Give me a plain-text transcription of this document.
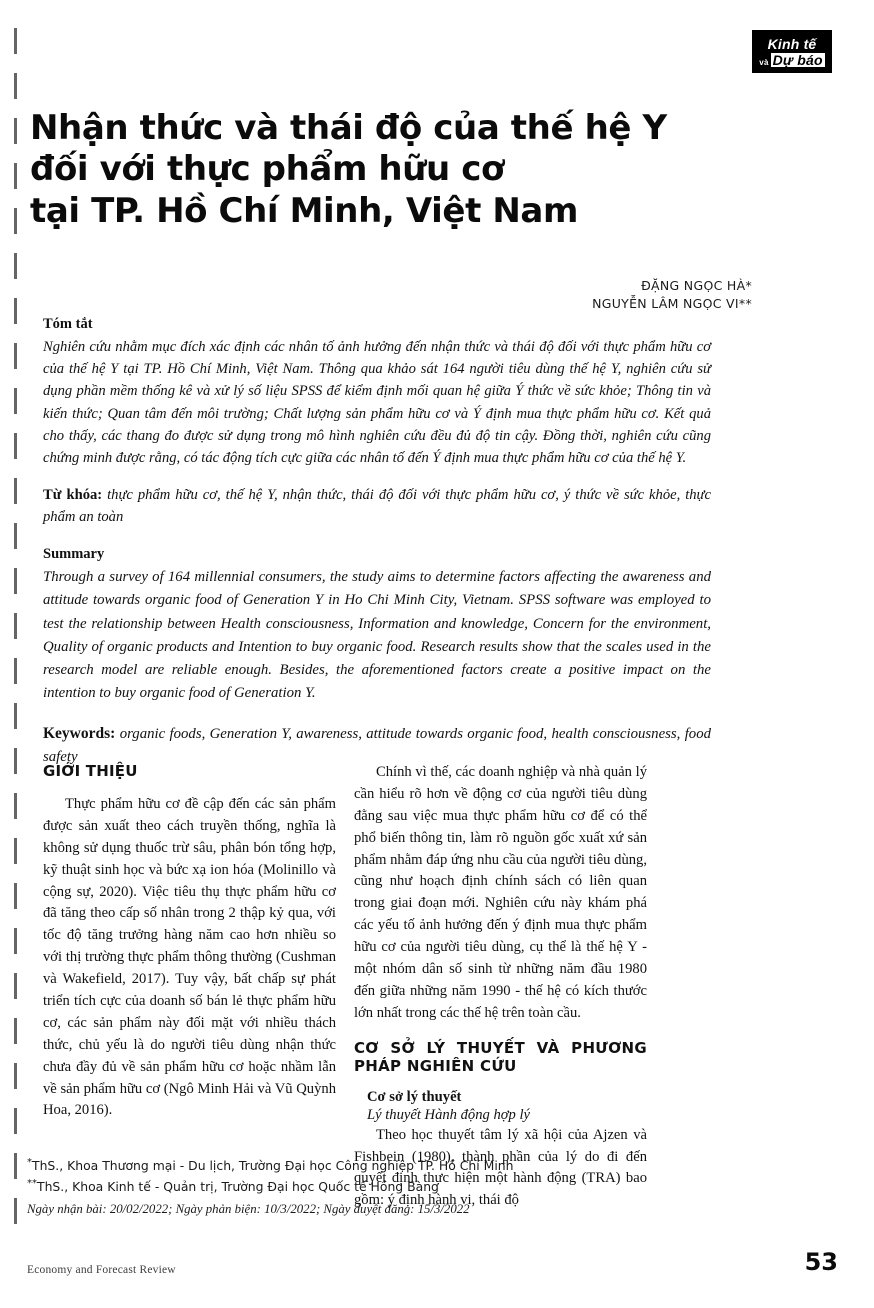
Kinh tế
và Dự báo
Nhận thức và thái độ của thế hệ Y
đối với thực phẩm hữu cơ
tại TP. Hồ Chí Minh, Việt Nam
ĐẶNG NGỌC HÀ*
NGUYỄN LÂM NGỌC VI**
Tóm tắt
Nghiên cứu nhằm mục đích xác định các nhân tố ảnh hưởng đến nhận thức và thái độ đối với thực phẩm hữu cơ của thế hệ Y tại TP. Hồ Chí Minh, Việt Nam. Thông qua khảo sát 164 người tiêu dùng thế hệ Y, nghiên cứu sử dụng phần mềm thống kê và xử lý số liệu SPSS để kiểm định mối quan hệ giữa Ý thức về sức khỏe; Thông tin và kiến thức; Quan tâm đến môi trường; Chất lượng sản phẩm hữu cơ và Ý định mua thực phẩm hữu cơ. Kết quả cho thấy, các thang đo được sử dụng trong mô hình nghiên cứu đều đủ độ tin cậy. Đồng thời, nghiên cứu cũng chứng minh được rằng, có tác động tích cực giữa các nhân tố đến Ý định mua thực phẩm hữu cơ của thế hệ Y.
Từ khóa: thực phẩm hữu cơ, thế hệ Y, nhận thức, thái độ đối với thực phẩm hữu cơ, ý thức về sức khỏe, thực phẩm an toàn
Summary
Through a survey of 164 millennial consumers, the study aims to determine factors affecting the awareness and attitude towards organic food of Generation Y in Ho Chi Minh City, Vietnam. SPSS software was employed to test the relationship between Health consciousness, Information and knowledge, Concern for the environment, Quality of organic products and Intention to buy organic food. Research results show that the scales used in the research model are reliable enough. Besides, the aforementioned factors create a positive impact on the intention to buy organic food of Generation Y.
Keywords: organic foods, Generation Y, awareness, attitude towards organic food, health consciousness, food safety
GIỚI THIỆU

Thực phẩm hữu cơ đề cập đến các sản phẩm được sản xuất theo cách truyền thống, nghĩa là không sử dụng thuốc trừ sâu, phân bón tổng hợp, kỹ thuật sinh học và bức xạ ion hóa (Molinillo và cộng sự, 2020). Việc tiêu thụ thực phẩm hữu cơ đã tăng theo cấp số nhân trong 2 thập kỷ qua, với tốc độ tăng trưởng hàng năm cao hơn nhiều so với thị trường thực phẩm thông thường (Cushman và Wakefield, 2017). Tuy vậy, bất chấp sự phát triển tích cực của doanh số bán lẻ thực phẩm hữu cơ, các sản phẩm này đối mặt với nhiều thách thức, chủ yếu là do người tiêu dùng nhận thức chưa đầy đủ về sản phẩm hữu cơ hoặc nhầm lẫn về sản phẩm hữu cơ (Ngô Minh Hải và Vũ Quỳnh Hoa, 2016).

Chính vì thế, các doanh nghiệp và nhà quản lý cần hiểu rõ hơn về động cơ của người tiêu dùng đằng sau việc mua thực phẩm hữu cơ để có thể phổ biến thông tin, làm rõ nguồn gốc xuất xứ sản phẩm nhằm đáp ứng nhu cầu của người tiêu dùng, cũng như hoạch định chính sách có liên quan trong giai đoạn mới. Nghiên cứu này khám phá các yếu tố ảnh hưởng đến ý định mua thực phẩm hữu cơ của người tiêu dùng, cụ thể là thế hệ Y - một nhóm dân số sinh từ những năm đầu 1980 đến giữa những năm 1990 - thế hệ có kích thước lớn nhất trong các thế hệ trên toàn cầu.

CƠ SỞ LÝ THUYẾT VÀ PHƯƠNG PHÁP NGHIÊN CỨU
Cơ sở lý thuyết
Lý thuyết Hành động hợp lý

Theo học thuyết tâm lý xã hội của Ajzen và Fishbein (1980), thành phần của lý do đi đến quyết định thực hiện một hành động (TRA) bao gồm: ý định hành vi, thái độ

*ThS., Khoa Thương mại - Du lịch, Trường Đại học Công nghiệp TP. Hồ Chí Minh
**ThS., Khoa Kinh tế - Quản trị, Trường Đại học Quốc tế Hồng Bàng
Ngày nhận bài: 20/02/2022; Ngày phản biện: 10/3/2022; Ngày duyệt đăng: 15/3/2022
Economy and Forecast Review	53
